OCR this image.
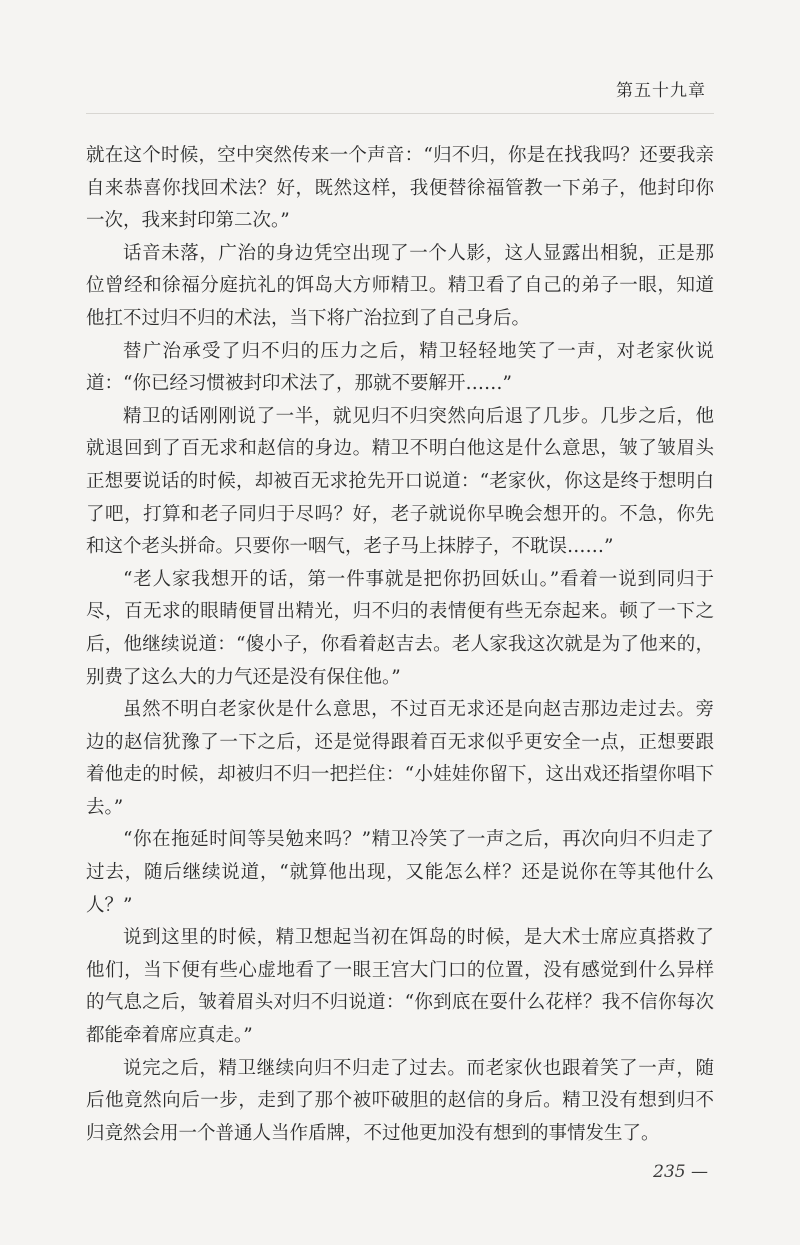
第五十九章

就在这个时候，空中突然传来一个声音：“归不归，你是在找我吗？还要我亲自来恭喜你找回术法？好，既然这样，我便替徐福管教一下弟子，他封印你一次，我来封印第二次。”

话音未落，广治的身边凭空出现了一个人影，这人显露出相貌，正是那位曾经和徐福分庭抗礼的饵岛大方师精卫。精卫看了自己的弟子一眼，知道他扛不过归不归的术法，当下将广治拉到了自己身后。

替广治承受了归不归的压力之后，精卫轻轻地笑了一声，对老家伙说道：“你已经习惯被封印术法了，那就不要解开……”

精卫的话刚刚说了一半，就见归不归突然向后退了几步。几步之后，他就退回到了百无求和赵信的身边。精卫不明白他这是什么意思，皱了皱眉头正想要说话的时候，却被百无求抢先开口说道：“老家伙，你这是终于想明白了吧，打算和老子同归于尽吗？好，老子就说你早晚会想开的。不急，你先和这个老头拼命。只要你一咽气，老子马上抹脖子，不耽误……”

“老人家我想开的话，第一件事就是把你扔回妖山。”看着一说到同归于尽，百无求的眼睛便冒出精光，归不归的表情便有些无奈起来。顿了一下之后，他继续说道：“傻小子，你看着赵吉去。老人家我这次就是为了他来的，别费了这么大的力气还是没有保住他。”

虽然不明白老家伙是什么意思，不过百无求还是向赵吉那边走过去。旁边的赵信犹豫了一下之后，还是觉得跟着百无求似乎更安全一点，正想要跟着他走的时候，却被归不归一把拦住：“小娃娃你留下，这出戏还指望你唱下去。”

“你在拖延时间等吴勉来吗？”精卫冷笑了一声之后，再次向归不归走了过去，随后继续说道，“就算他出现，又能怎么样？还是说你在等其他什么人？”

说到这里的时候，精卫想起当初在饵岛的时候，是大术士席应真搭救了他们，当下便有些心虚地看了一眼王宫大门口的位置，没有感觉到什么异样的气息之后，皱着眉头对归不归说道：“你到底在耍什么花样？我不信你每次都能牵着席应真走。”

说完之后，精卫继续向归不归走了过去。而老家伙也跟着笑了一声，随后他竟然向后一步，走到了那个被吓破胆的赵信的身后。精卫没有想到归不归竟然会用一个普通人当作盾牌，不过他更加没有想到的事情发生了。

235 —
